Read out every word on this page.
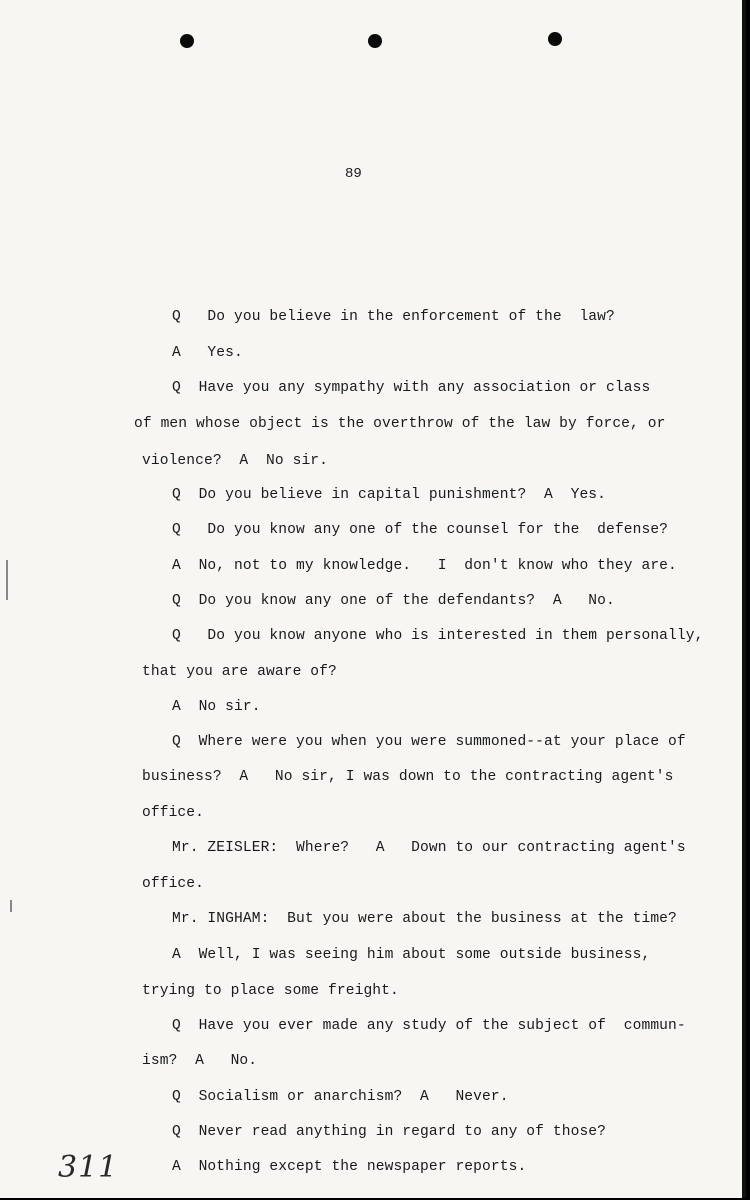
89
Q   Do you believe in the enforcement of the  law?
A   Yes.
Q  Have you any sympathy with any association or class
of men whose object is the overthrow of the law by force, or
violence?  A  No sir.
Q  Do you believe in capital punishment?  A  Yes.
Q   Do you know any one of the counsel for the  defense?
A  No, not to my knowledge.   I  don't know who they are.
Q  Do you know any one of the defendants?  A   No.
Q   Do you know anyone who is interested in them personally,
that you are aware of?
A  No sir.
Q  Where were you when you were summoned--at your place of
business?  A   No sir, I was down to the contracting agent's
office.
Mr. ZEISLER:  Where?   A   Down to our contracting agent's
office.
Mr. INGHAM:  But you were about the business at the time?
A  Well, I was seeing him about some outside business,
trying to place some freight.
Q  Have you ever made any study of the subject of  commun-
ism?  A   No.
Q  Socialism or anarchism?  A   Never.
Q  Never read anything in regard to any of those?
A  Nothing except the newspaper reports.
311
